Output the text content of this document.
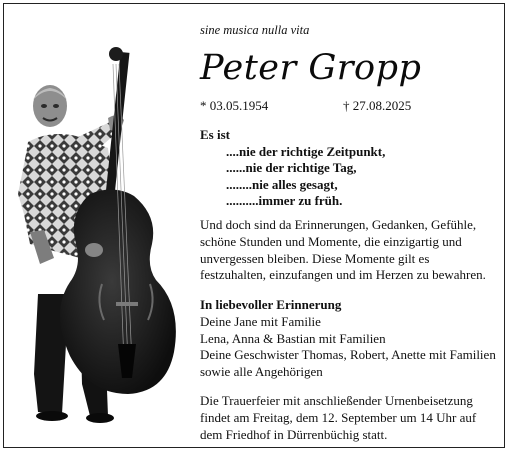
sine musica nulla vita
Peter Gropp
* 03.05.1954	† 27.08.2025
Es ist
....nie der richtige Zeitpunkt,
......nie der richtige Tag,
........nie alles gesagt,
..........immer zu früh.
Und doch sind da Erinnerungen, Gedanken, Gefühle,
schöne Stunden und Momente, die einzigartig und
unvergessen bleiben. Diese Momente gilt es
festzuhalten, einzufangen und im Herzen zu bewahren.
In liebevoller Erinnerung
Deine Jane mit Familie
Lena, Anna & Bastian mit Familien
Deine Geschwister Thomas, Robert, Anette mit Familien
sowie alle Angehörigen
Die Trauerfeier mit anschließender Urnenbeisetzung
findet am Freitag, dem 12. September um 14 Uhr auf
dem Friedhof in Dürrenbüchig statt.
